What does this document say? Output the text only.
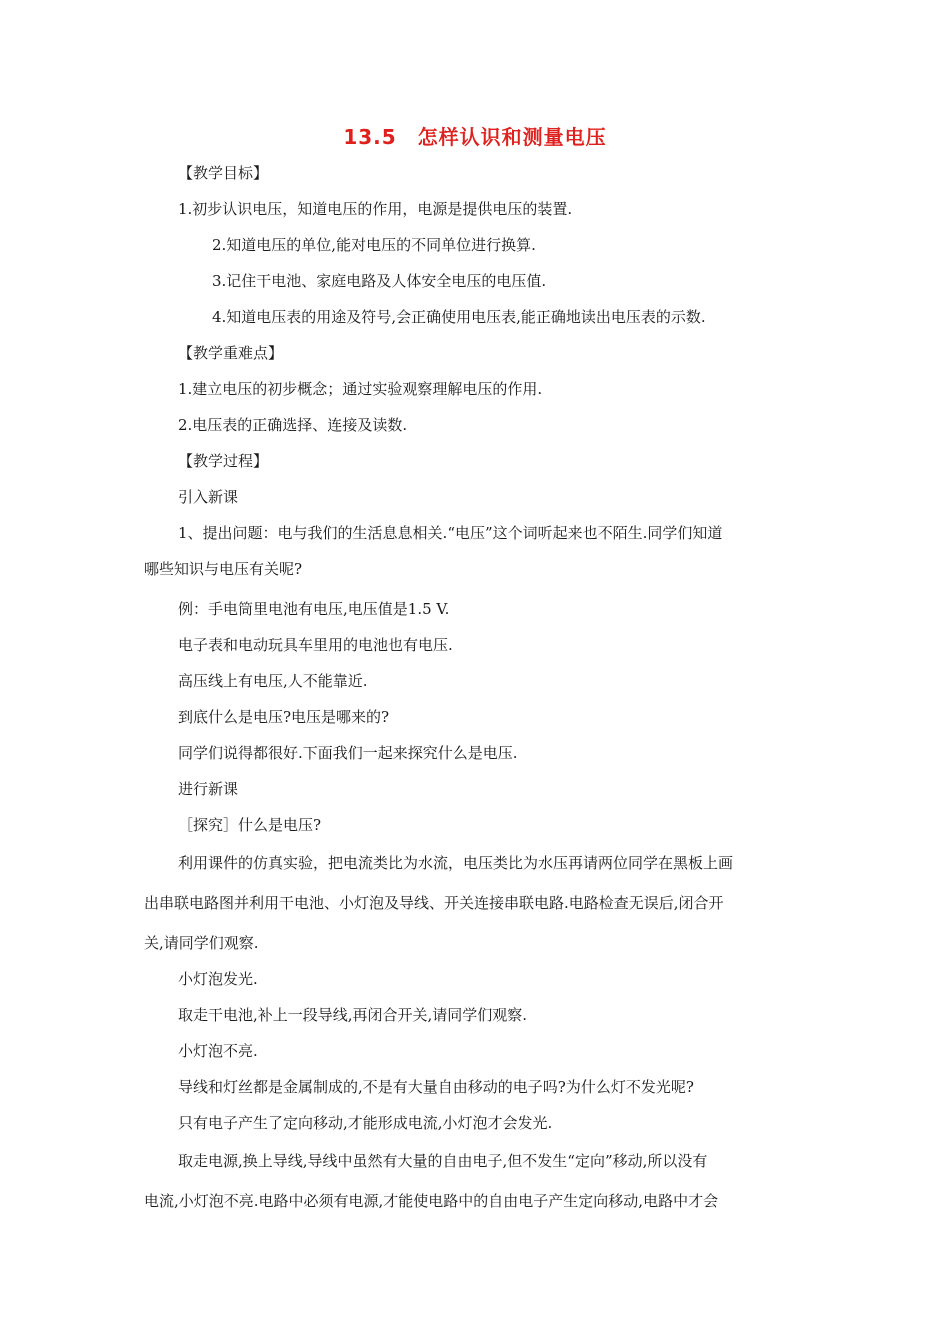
13.5　怎样认识和测量电压
【教学目标】
1.初步认识电压，知道电压的作用，电源是提供电压的装置.
2.知道电压的单位,能对电压的不同单位进行换算.
3.记住干电池、家庭电路及人体安全电压的电压值.
4.知道电压表的用途及符号,会正确使用电压表,能正确地读出电压表的示数.
【教学重难点】
1.建立电压的初步概念；通过实验观察理解电压的作用.
2.电压表的正确选择、连接及读数.
【教学过程】
引入新课
1、提出问题：电与我们的生活息息相关.“电压”这个词听起来也不陌生.同学们知道
哪些知识与电压有关呢?
例：手电筒里电池有电压,电压值是1.5 V.
电子表和电动玩具车里用的电池也有电压.
高压线上有电压,人不能靠近.
到底什么是电压?电压是哪来的?
同学们说得都很好.下面我们一起来探究什么是电压.
进行新课
［探究］什么是电压?
利用课件的仿真实验，把电流类比为水流，电压类比为水压再请两位同学在黑板上画
出串联电路图并利用干电池、小灯泡及导线、开关连接串联电路.电路检查无误后,闭合开
关,请同学们观察.
小灯泡发光.
取走干电池,补上一段导线,再闭合开关,请同学们观察.
小灯泡不亮.
导线和灯丝都是金属制成的,不是有大量自由移动的电子吗?为什么灯不发光呢?
只有电子产生了定向移动,才能形成电流,小灯泡才会发光.
取走电源,换上导线,导线中虽然有大量的自由电子,但不发生“定向”移动,所以没有
电流,小灯泡不亮.电路中必须有电源,才能使电路中的自由电子产生定向移动,电路中才会
